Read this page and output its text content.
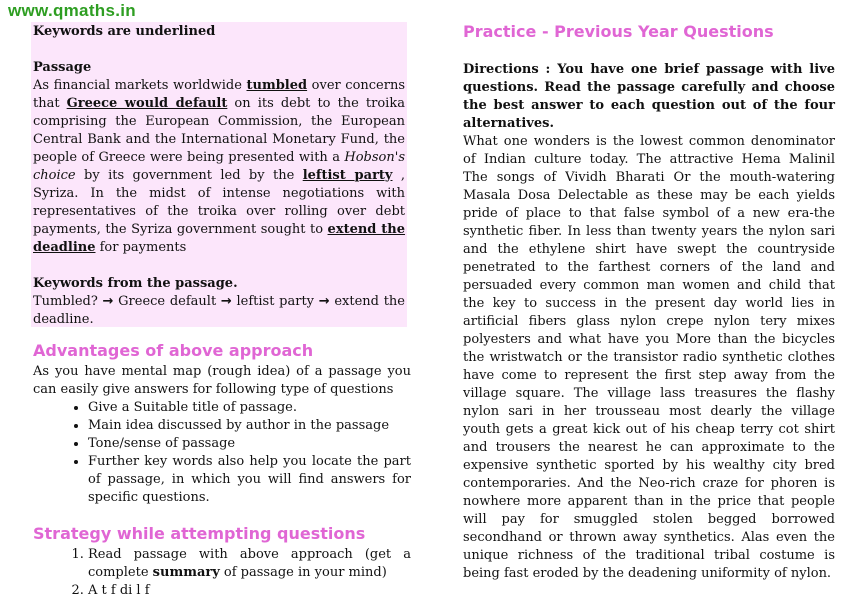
www.qmaths.in

Keywords are underlined

Passage

As financial markets worldwide tumbled over concerns that Greece would default on its debt to the troika comprising the European Commission, the European Central Bank and the International Monetary Fund, the people of Greece were being presented with a Hobson's choice by its government led by the leftist party , Syriza. In the midst of intense negotiations with representatives of the troika over rolling over debt payments, the Syriza government sought to extend the deadline for payments

Keywords from the passage.

Tumbled? → Greece default → leftist party → extend the deadline.

Advantages of above approach

As you have mental map (rough idea) of a passage you can easily give answers for following type of questions

• Give a Suitable title of passage.
• Main idea discussed by author in the passage
• Tone/sense of passage
• Further key words also help you locate the part of passage, in which you will find answers for specific questions.
Strategy while attempting questions
1. Read passage with above approach (get a complete summary of passage in your mind)
2. A t f di l f
Practice - Previous Year Questions

Directions : You have one brief passage with live questions. Read the passage carefully and choose the best answer to each question out of the four alternatives.

What one wonders is the lowest common denominator of Indian culture today. The attractive Hema Malinil The songs of Vividh Bharati Or the mouth-watering Masala Dosa Delectable as these may be each yields pride of place to that false symbol of a new era-the synthetic fiber. In less than twenty years the nylon sari and the ethylene shirt have swept the countryside penetrated to the farthest corners of the land and persuaded every common man women and child that the key to success in the present day world lies in artificial fibers glass nylon crepe nylon tery mixes polyesters and what have you More than the bicycles the wristwatch or the transistor radio synthetic clothes have come to represent the first step away from the village square. The village lass treasures the flashy nylon sari in her trousseau most dearly the village youth gets a great kick out of his cheap terry cot shirt and trousers the nearest he can approximate to the expensive synthetic sported by his wealthy city bred contemporaries. And the Neo-rich craze for phoren is nowhere more apparent than in the price that people will pay for smuggled stolen begged borrowed secondhand or thrown away synthetics. Alas even the unique richness of the traditional tribal costume is being fast eroded by the deadening uniformity of nylon.
